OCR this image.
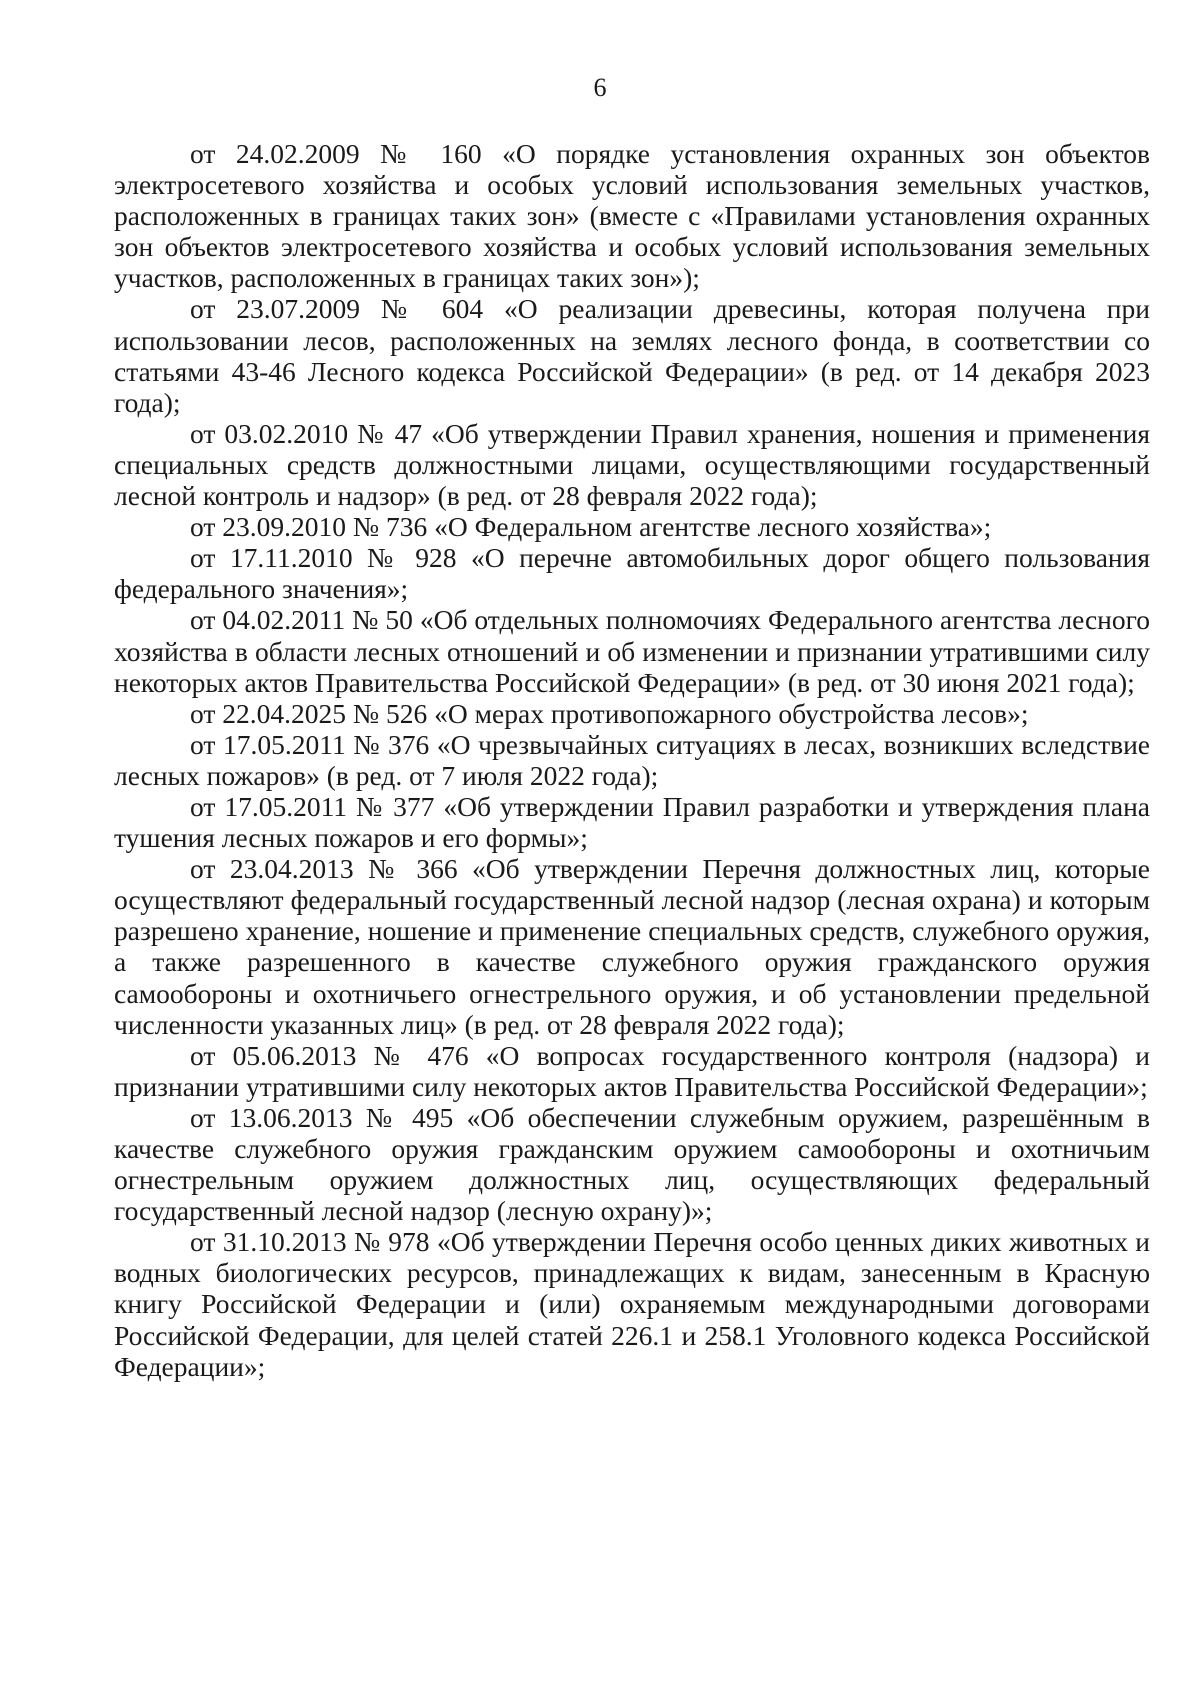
6

от 24.02.2009 № 160 «О порядке установления охранных зон объектов электросетевого хозяйства и особых условий использования земельных участков, расположенных в границах таких зон» (вместе с «Правилами установления охранных зон объектов электросетевого хозяйства и особых условий использования земельных участков, расположенных в границах таких зон»);

от 23.07.2009 № 604 «О реализации древесины, которая получена при использовании лесов, расположенных на землях лесного фонда, в соответствии со статьями 43-46 Лесного кодекса Российской Федерации» (в ред. от 14 декабря 2023 года);

от 03.02.2010 № 47 «Об утверждении Правил хранения, ношения и применения специальных средств должностными лицами, осуществляющими государственный лесной контроль и надзор» (в ред. от 28 февраля 2022 года);

от 23.09.2010 № 736 «О Федеральном агентстве лесного хозяйства»;

от 17.11.2010 № 928 «О перечне автомобильных дорог общего пользования федерального значения»;

от 04.02.2011 № 50 «Об отдельных полномочиях Федерального агентства лесного хозяйства в области лесных отношений и об изменении и признании утратившими силу некоторых актов Правительства Российской Федерации» (в ред. от 30 июня 2021 года);

от 22.04.2025 № 526 «О мерах противопожарного обустройства лесов»;

от 17.05.2011 № 376 «О чрезвычайных ситуациях в лесах, возникших вследствие лесных пожаров» (в ред. от 7 июля 2022 года);

от 17.05.2011 № 377 «Об утверждении Правил разработки и утверждения плана тушения лесных пожаров и его формы»;

от 23.04.2013 № 366 «Об утверждении Перечня должностных лиц, которые осуществляют федеральный государственный лесной надзор (лесная охрана) и которым разрешено хранение, ношение и применение специальных средств, служебного оружия, а также разрешенного в качестве служебного оружия гражданского оружия самообороны и охотничьего огнестрельного оружия, и об установлении предельной численности указанных лиц» (в ред. от 28 февраля 2022 года);

от 05.06.2013 № 476 «О вопросах государственного контроля (надзора) и признании утратившими силу некоторых актов Правительства Российской Федерации»;

от 13.06.2013 № 495 «Об обеспечении служебным оружием, разрешённым в качестве служебного оружия гражданским оружием самообороны и охотничьим огнестрельным оружием должностных лиц, осуществляющих федеральный государственный лесной надзор (лесную охрану)»;

от 31.10.2013 № 978 «Об утверждении Перечня особо ценных диких животных и водных биологических ресурсов, принадлежащих к видам, занесенным в Красную книгу Российской Федерации и (или) охраняемым международными договорами Российской Федерации, для целей статей 226.1 и 258.1 Уголовного кодекса Российской Федерации»;
